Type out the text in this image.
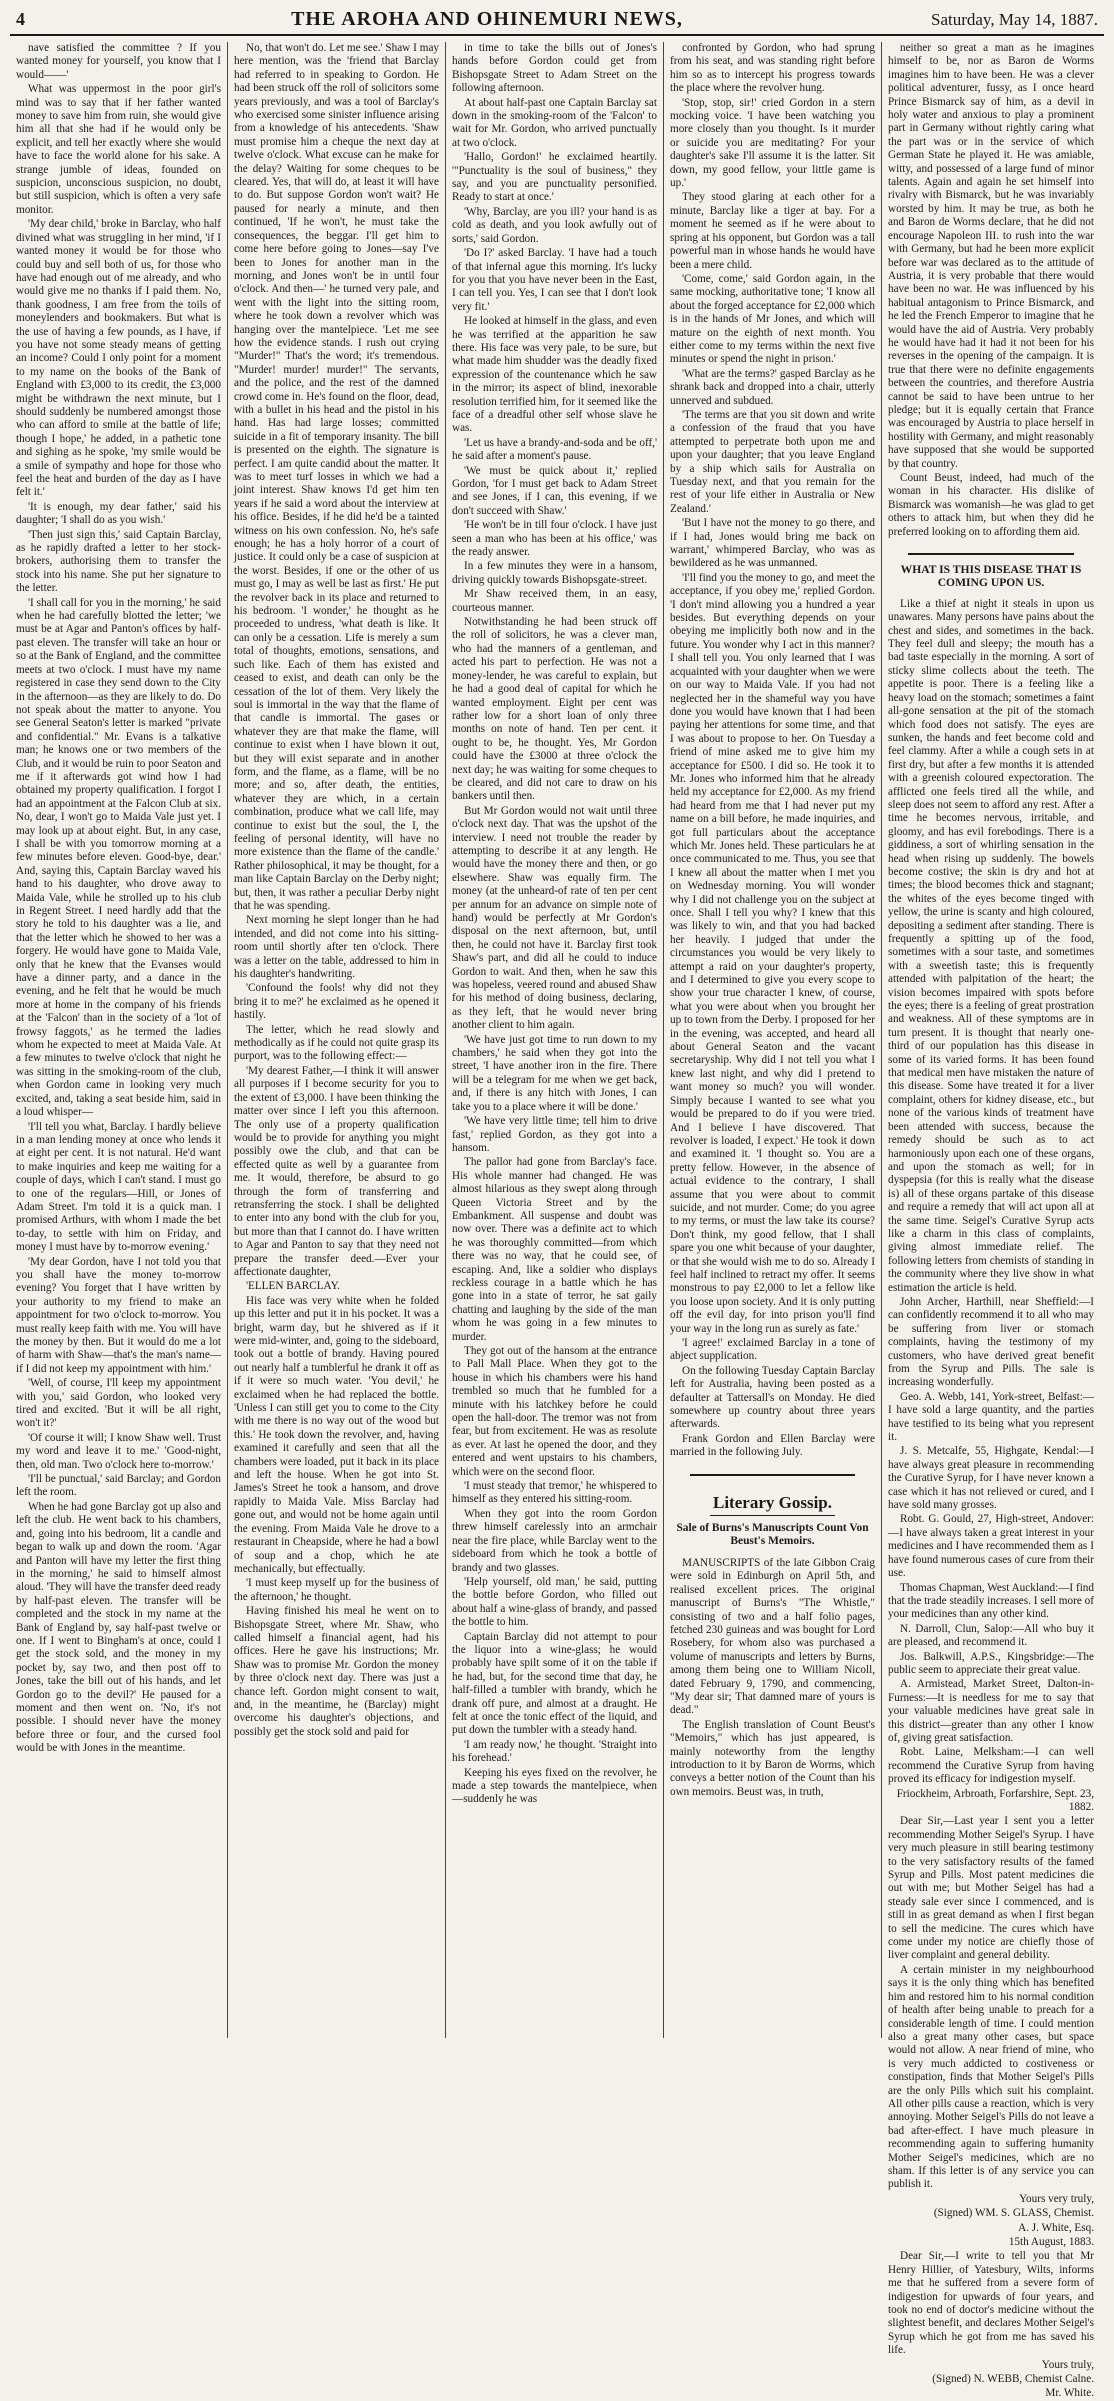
4	THE AROHA AND OHINEMURI NEWS,	Saturday, May 14, 1887.

nave satisfied the committee ? If you wanted money for yourself, you know that I would——'

What was uppermost in the poor girl's mind was to say that if her father wanted money to save him from ruin, she would give him all that she had if he would only be explicit, and tell her exactly where she would have to face the world alone for his sake. A strange jumble of ideas, founded on suspicion, unconscious suspicion, no doubt, but still suspicion, which is often a very safe monitor.

'My dear child,' broke in Barclay, who half divined what was struggling in her mind, 'if I wanted money it would be for those who could buy and sell both of us, for those who have had enough out of me already, and who would give me no thanks if I paid them. No, thank goodness, I am free from the toils of moneylenders and bookmakers. But what is the use of having a few pounds, as I have, if you have not some steady means of getting an income? Could I only point for a moment to my name on the books of the Bank of England with £3,000 to its credit, the £3,000 might be withdrawn the next minute, but I should suddenly be numbered amongst those who can afford to smile at the battle of life; though I hope,' he added, in a pathetic tone and sighing as he spoke, 'my smile would be a smile of sympathy and hope for those who feel the heat and burden of the day as I have felt it.'

'It is enough, my dear father,' said his daughter; 'I shall do as you wish.'

'Then just sign this,' said Captain Barclay, as he rapidly drafted a letter to her stock-brokers, authorising them to transfer the stock into his name. She put her signature to the letter.

'I shall call for you in the morning,' he said when he had carefully blotted the letter; 'we must be at Agar and Panton's offices by half-past eleven. The transfer will take an hour or so at the Bank of England, and the committee meets at two o'clock. I must have my name registered in case they send down to the City in the afternoon—as they are likely to do. Do not speak about the matter to anyone. You see General Seaton's letter is marked "private and confidential." Mr. Evans is a talkative man; he knows one or two members of the Club, and it would be ruin to poor Seaton and me if it afterwards got wind how I had obtained my property qualification. I forgot I had an appointment at the Falcon Club at six. No, dear, I won't go to Maida Vale just yet. I may look up at about eight. But, in any case, I shall be with you tomorrow morning at a few minutes before eleven. Good-bye, dear.' And, saying this, Captain Barclay waved his hand to his daughter, who drove away to Maida Vale, while he strolled up to his club in Regent Street. I need hardly add that the story he told to his daughter was a lie, and that the letter which he showed to her was a forgery. He would have gone to Maida Vale, only that he knew that the Evanses would have a dinner party, and a dance in the evening, and he felt that he would be much more at home in the company of his friends at the 'Falcon' than in the society of a 'lot of frowsy faggots,' as he termed the ladies whom he expected to meet at Maida Vale. At a few minutes to twelve o'clock that night he was sitting in the smoking-room of the club, when Gordon came in looking very much excited, and, taking a seat beside him, said in a loud whisper—

'I'll tell you what, Barclay. I hardly believe in a man lending money at once who lends it at eight per cent. It is not natural. He'd want to make inquiries and keep me waiting for a couple of days, which I can't stand. I must go to one of the regulars—Hill, or Jones of Adam Street. I'm told it is a quick man. I promised Arthurs, with whom I made the bet to-day, to settle with him on Friday, and money I must have by to-morrow evening.'

'My dear Gordon, have I not told you that you shall have the money to-morrow evening? You forget that I have written by your authority to my friend to make an appointment for two o'clock to-morrow. You must really keep faith with me. You will have the money by then. But it would do me a lot of harm with Shaw—that's the man's name—if I did not keep my appointment with him.'

'Well, of course, I'll keep my appointment with you,' said Gordon, who looked very tired and excited. 'But it will be all right, won't it?'

'Of course it will; I know Shaw well. Trust my word and leave it to me.' 'Good-night, then, old man. Two o'clock here to-morrow.'

'I'll be punctual,' said Barclay; and Gordon left the room.

When he had gone Barclay got up also and left the club. He went back to his chambers, and, going into his bedroom, lit a candle and began to walk up and down the room. 'Agar and Panton will have my letter the first thing in the morning,' he said to himself almost aloud. 'They will have the transfer deed ready by half-past eleven. The transfer will be completed and the stock in my name at the Bank of England by, say half-past twelve or one. If I went to Bingham's at once, could I get the stock sold, and the money in my pocket by, say two, and then post off to Jones, take the bill out of his hands, and let Gordon go to the devil?' He paused for a moment and then went on. 'No, it's not possible. I should never have the money before three or four, and the cursed fool would be with Jones in the meantime.

No, that won't do. Let me see.' Shaw I may here mention, was the 'friend that Barclay had referred to in speaking to Gordon. He had been struck off the roll of solicitors some years previously, and was a tool of Barclay's who exercised some sinister influence arising from a knowledge of his antecedents. 'Shaw must promise him a cheque the next day at twelve o'clock. What excuse can he make for the delay? Waiting for some cheques to be cleared. Yes, that will do, at least it will have to do. But suppose Gordon won't wait? He paused for nearly a minute, and then continued, 'If he won't, he must take the consequences, the beggar. I'll get him to come here before going to Jones—say I've been to Jones for another man in the morning, and Jones won't be in until four o'clock. And then—' he turned very pale, and went with the light into the sitting room, where he took down a revolver which was hanging over the mantelpiece. 'Let me see how the evidence stands. I rush out crying "Murder!" That's the word; it's tremendous. "Murder! murder! murder!" The servants, and the police, and the rest of the damned crowd come in. He's found on the floor, dead, with a bullet in his head and the pistol in his hand. Has had large losses; committed suicide in a fit of temporary insanity. The bill is presented on the eighth. The signature is perfect. I am quite candid about the matter. It was to meet turf losses in which we had a joint interest. Shaw knows I'd get him ten years if he said a word about the interview at his office. Besides, if he did he'd be a tainted witness on his own confession. No, he's safe enough; he has a holy horror of a court of justice. It could only be a case of suspicion at the worst. Besides, if one or the other of us must go, I may as well be last as first.' He put the revolver back in its place and returned to his bedroom. 'I wonder,' he thought as he proceeded to undress, 'what death is like. It can only be a cessation. Life is merely a sum total of thoughts, emotions, sensations, and such like. Each of them has existed and ceased to exist, and death can only be the cessation of the lot of them. Very likely the soul is immortal in the way that the flame of that candle is immortal. The gases or whatever they are that make the flame, will continue to exist when I have blown it out, but they will exist separate and in another form, and the flame, as a flame, will be no more; and so, after death, the entities, whatever they are which, in a certain combination, produce what we call life, may continue to exist but the soul, the I, the feeling of personal identity, will have no more existence than the flame of the candle.' Rather philosophical, it may be thought, for a man like Captain Barclay on the Derby night; but, then, it was rather a peculiar Derby night that he was spending.

Next morning he slept longer than he had intended, and did not come into his sitting-room until shortly after ten o'clock. There was a letter on the table, addressed to him in his daughter's handwriting.

'Confound the fools! why did not they bring it to me?' he exclaimed as he opened it hastily.

The letter, which he read slowly and methodically as if he could not quite grasp its purport, was to the following effect:—

'My dearest Father,—I think it will answer all purposes if I become security for you to the extent of £3,000. I have been thinking the matter over since I left you this afternoon. The only use of a property qualification would be to provide for anything you might possibly owe the club, and that can be effected quite as well by a guarantee from me. It would, therefore, be absurd to go through the form of transferring and retransferring the stock. I shall be delighted to enter into any bond with the club for you, but more than that I cannot do. I have written to Agar and Panton to say that they need not prepare the transfer deed.—Ever your affectionate daughter,

'ELLEN BARCLAY.

His face was very white when he folded up this letter and put it in his pocket. It was a bright, warm day, but he shivered as if it were mid-winter, and, going to the sideboard, took out a bottle of brandy. Having poured out nearly half a tumblerful he drank it off as if it were so much water. 'You devil,' he exclaimed when he had replaced the bottle. 'Unless I can still get you to come to the City with me there is no way out of the wood but this.' He took down the revolver, and, having examined it carefully and seen that all the chambers were loaded, put it back in its place and left the house. When he got into St. James's Street he took a hansom, and drove rapidly to Maida Vale. Miss Barclay had gone out, and would not be home again until the evening. From Maida Vale he drove to a restaurant in Cheapside, where he had a bowl of soup and a chop, which he ate mechanically, but effectually.

'I must keep myself up for the business of the afternoon,' he thought.

Having finished his meal he went on to Bishopsgate Street, where Mr. Shaw, who called himself a financial agent, had his offices. Here he gave his instructions; Mr. Shaw was to promise Mr. Gordon the money by three o'clock next day. There was just a chance left. Gordon might consent to wait, and, in the meantime, he (Barclay) might overcome his daughter's objections, and possibly get the stock sold and paid for

in time to take the bills out of Jones's hands before Gordon could get from Bishopsgate Street to Adam Street on the following afternoon.

At about half-past one Captain Barclay sat down in the smoking-room of the 'Falcon' to wait for Mr. Gordon, who arrived punctually at two o'clock.

'Hallo, Gordon!' he exclaimed heartily. '"Punctuality is the soul of business," they say, and you are punctuality personified. Ready to start at once.'

'Why, Barclay, are you ill? your hand is as cold as death, and you look awfully out of sorts,' said Gordon.

'Do I?' asked Barclay. 'I have had a touch of that infernal ague this morning. It's lucky for you that you have never been in the East, I can tell you. Yes, I can see that I don't look very fit.'

He looked at himself in the glass, and even he was terrified at the apparition he saw there. His face was very pale, to be sure, but what made him shudder was the deadly fixed expression of the countenance which he saw in the mirror; its aspect of blind, inexorable resolution terrified him, for it seemed like the face of a dreadful other self whose slave he was.

'Let us have a brandy-and-soda and be off,' he said after a moment's pause.

'We must be quick about it,' replied Gordon, 'for I must get back to Adam Street and see Jones, if I can, this evening, if we don't succeed with Shaw.'

'He won't be in till four o'clock. I have just seen a man who has been at his office,' was the ready answer.

In a few minutes they were in a hansom, driving quickly towards Bishopsgate-street.

Mr Shaw received them, in an easy, courteous manner.

Notwithstanding he had been struck off the roll of solicitors, he was a clever man, who had the manners of a gentleman, and acted his part to perfection. He was not a money-lender, he was careful to explain, but he had a good deal of capital for which he wanted employment. Eight per cent was rather low for a short loan of only three months on note of hand. Ten per cent. it ought to be, he thought. Yes, Mr Gordon could have the £3000 at three o'clock the next day; he was waiting for some cheques to be cleared, and did not care to draw on his bankers until then.

But Mr Gordon would not wait until three o'clock next day. That was the upshot of the interview. I need not trouble the reader by attempting to describe it at any length. He would have the money there and then, or go elsewhere. Shaw was equally firm. The money (at the unheard-of rate of ten per cent per annum for an advance on simple note of hand) would be perfectly at Mr Gordon's disposal on the next afternoon, but, until then, he could not have it. Barclay first took Shaw's part, and did all he could to induce Gordon to wait. And then, when he saw this was hopeless, veered round and abused Shaw for his method of doing business, declaring, as they left, that he would never bring another client to him again.

'We have just got time to run down to my chambers,' he said when they got into the street, 'I have another iron in the fire. There will be a telegram for me when we get back, and, if there is any hitch with Jones, I can take you to a place where it will be done.'

'We have very little time; tell him to drive fast,' replied Gordon, as they got into a hansom.

The pallor had gone from Barclay's face. His whole manner had changed. He was almost hilarious as they swept along through Queen Victoria Street and by the Embankment. All suspense and doubt was now over. There was a definite act to which he was thoroughly committed—from which there was no way, that he could see, of escaping. And, like a soldier who displays reckless courage in a battle which he has gone into in a state of terror, he sat gaily chatting and laughing by the side of the man whom he was going in a few minutes to murder.

They got out of the hansom at the entrance to Pall Mall Place. When they got to the house in which his chambers were his hand trembled so much that he fumbled for a minute with his latchkey before he could open the hall-door. The tremor was not from fear, but from excitement. He was as resolute as ever. At last he opened the door, and they entered and went upstairs to his chambers, which were on the second floor.

'I must steady that tremor,' he whispered to himself as they entered his sitting-room.

When they got into the room Gordon threw himself carelessly into an armchair near the fire place, while Barclay went to the sideboard from which he took a bottle of brandy and two glasses.

'Help yourself, old man,' he said, putting the bottle before Gordon, who filled out about half a wine-glass of brandy, and passed the bottle to him.

Captain Barclay did not attempt to pour the liquor into a wine-glass; he would probably have spilt some of it on the table if he had, but, for the second time that day, he half-filled a tumbler with brandy, which he drank off pure, and almost at a draught. He felt at once the tonic effect of the liquid, and put down the tumbler with a steady hand.

'I am ready now,' he thought. 'Straight into his forehead.'

Keeping his eyes fixed on the revolver, he made a step towards the mantelpiece, when—suddenly he was

confronted by Gordon, who had sprung from his seat, and was standing right before him so as to intercept his progress towards the place where the revolver hung.

'Stop, stop, sir!' cried Gordon in a stern mocking voice. 'I have been watching you more closely than you thought. Is it murder or suicide you are meditating? For your daughter's sake I'll assume it is the latter. Sit down, my good fellow, your little game is up.'

They stood glaring at each other for a minute, Barclay like a tiger at bay. For a moment he seemed as if he were about to spring at his opponent, but Gordon was a tall powerful man in whose hands he would have been a mere child.

'Come, come,' said Gordon again, in the same mocking, authoritative tone; 'I know all about the forged acceptance for £2,000 which is in the hands of Mr Jones, and which will mature on the eighth of next month. You either come to my terms within the next five minutes or spend the night in prison.'

'What are the terms?' gasped Barclay as he shrank back and dropped into a chair, utterly unnerved and subdued.

'The terms are that you sit down and write a confession of the fraud that you have attempted to perpetrate both upon me and upon your daughter; that you leave England by a ship which sails for Australia on Tuesday next, and that you remain for the rest of your life either in Australia or New Zealand.'

'But I have not the money to go there, and if I had, Jones would bring me back on warrant,' whimpered Barclay, who was as bewildered as he was unmanned.

'I'll find you the money to go, and meet the acceptance, if you obey me,' replied Gordon. 'I don't mind allowing you a hundred a year besides. But everything depends on your obeying me implicitly both now and in the future. You wonder why I act in this manner? I shall tell you. You only learned that I was acquainted with your daughter when we were on our way to Maida Vale. If you had not neglected her in the shameful way you have done you would have known that I had been paying her attentions for some time, and that I was about to propose to her. On Tuesday a friend of mine asked me to give him my acceptance for £500. I did so. He took it to Mr. Jones who informed him that he already held my acceptance for £2,000. As my friend had heard from me that I had never put my name on a bill before, he made inquiries, and got full particulars about the acceptance which Mr. Jones held. These particulars he at once communicated to me. Thus, you see that I knew all about the matter when I met you on Wednesday morning. You will wonder why I did not challenge you on the subject at once. Shall I tell you why? I knew that this was likely to win, and that you had backed her heavily. I judged that under the circumstances you would be very likely to attempt a raid on your daughter's property, and I determined to give you every scope to show your true character I knew, of course, what you were about when you brought her up to town from the Derby. I proposed for her in the evening, was accepted, and heard all about General Seaton and the vacant secretaryship. Why did I not tell you what I knew last night, and why did I pretend to want money so much? you will wonder. Simply because I wanted to see what you would be prepared to do if you were tried. And I believe I have discovered. That revolver is loaded, I expect.' He took it down and examined it. 'I thought so. You are a pretty fellow. However, in the absence of actual evidence to the contrary, I shall assume that you were about to commit suicide, and not murder. Come; do you agree to my terms, or must the law take its course? Don't think, my good fellow, that I shall spare you one whit because of your daughter, or that she would wish me to do so. Already I feel half inclined to retract my offer. It seems monstrous to pay £2,000 to let a fellow like you loose upon society. And it is only putting off the evil day, for into prison you'll find your way in the long run as surely as fate.'

'I agree!' exclaimed Barclay in a tone of abject supplication.

On the following Tuesday Captain Barclay left for Australia, having been posted as a defaulter at Tattersall's on Monday. He died somewhere up country about three years afterwards.

Frank Gordon and Ellen Barclay were married in the following July.

Literary Gossip.
Sale of Burns's Manuscripts Count Von Beust's Memoirs.

MANUSCRIPTS of the late Gibbon Craig were sold in Edinburgh on April 5th, and realised excellent prices. The original manuscript of Burns's "The Whistle," consisting of two and a half folio pages, fetched 230 guineas and was bought for Lord Rosebery, for whom also was purchased a volume of manuscripts and letters by Burns, among them being one to William Nicoll, dated February 9, 1790, and commencing, "My dear sir; That damned mare of yours is dead."

The English translation of Count Beust's "Memoirs," which has just appeared, is mainly noteworthy from the lengthy introduction to it by Baron de Worms, which conveys a better notion of the Count than his own memoirs. Beust was, in truth,

neither so great a man as he imagines himself to be, nor as Baron de Worms imagines him to have been. He was a clever political adventurer, fussy, as I once heard Prince Bismarck say of him, as a devil in holy water and anxious to play a prominent part in Germany without rightly caring what the part was or in the service of which German State he played it. He was amiable, witty, and possessed of a large fund of minor talents. Again and again he set himself into rivalry with Bismarck, but he was invariably worsted by him. It may be true, as both he and Baron de Worms declare, that he did not encourage Napoleon III. to rush into the war with Germany, but had he been more explicit before war was declared as to the attitude of Austria, it is very probable that there would have been no war. He was influenced by his habitual antagonism to Prince Bismarck, and he led the French Emperor to imagine that he would have the aid of Austria. Very probably he would have had it had it not been for his reverses in the opening of the campaign. It is true that there were no definite engagements between the countries, and therefore Austria cannot be said to have been untrue to her pledge; but it is equally certain that France was encouraged by Austria to place herself in hostility with Germany, and might reasonably have supposed that she would be supported by that country.

Count Beust, indeed, had much of the woman in his character. His dislike of Bismarck was womanish—he was glad to get others to attack him, but when they did he preferred looking on to affording them aid.

WHAT IS THIS DISEASE THAT IS COMING UPON US.

Like a thief at night it steals in upon us unawares. Many persons have pains about the chest and sides, and sometimes in the back. They feel dull and sleepy; the mouth has a bad taste especially in the morning. A sort of sticky slime collects about the teeth. The appetite is poor. There is a feeling like a heavy load on the stomach; sometimes a faint all-gone sensation at the pit of the stomach which food does not satisfy. The eyes are sunken, the hands and feet become cold and feel clammy. After a while a cough sets in at first dry, but after a few months it is attended with a greenish coloured expectoration. The afflicted one feels tired all the while, and sleep does not seem to afford any rest. After a time he becomes nervous, irritable, and gloomy, and has evil forebodings. There is a giddiness, a sort of whirling sensation in the head when rising up suddenly. The bowels become costive; the skin is dry and hot at times; the blood becomes thick and stagnant; the whites of the eyes become tinged with yellow, the urine is scanty and high coloured, depositing a sediment after standing. There is frequently a spitting up of the food, sometimes with a sour taste, and sometimes with a sweetish taste; this is frequently attended with palpitation of the heart; the vision becomes impaired with spots before the eyes; there is a feeling of great prostration and weakness. All of these symptoms are in turn present. It is thought that nearly one-third of our population has this disease in some of its varied forms. It has been found that medical men have mistaken the nature of this disease. Some have treated it for a liver complaint, others for kidney disease, etc., but none of the various kinds of treatment have been attended with success, because the remedy should be such as to act harmoniously upon each one of these organs, and upon the stomach as well; for in dyspepsia (for this is really what the disease is) all of these organs partake of this disease and require a remedy that will act upon all at the same time. Seigel's Curative Syrup acts like a charm in this class of complaints, giving almost immediate relief. The following letters from chemists of standing in the community where they live show in what estimation the article is held.

John Archer, Harthill, near Sheffield:—I can confidently recommend it to all who may be suffering from liver or stomach complaints, having the testimony of my customers, who have derived great benefit from the Syrup and Pills. The sale is increasing wonderfully.

Geo. A. Webb, 141, York-street, Belfast:—I have sold a large quantity, and the parties have testified to its being what you represent it.

J. S. Metcalfe, 55, Highgate, Kendal:—I have always great pleasure in recommending the Curative Syrup, for I have never known a case which it has not relieved or cured, and I have sold many grosses.

Robt. G. Gould, 27, High-street, Andover:—I have always taken a great interest in your medicines and I have recommended them as I have found numerous cases of cure from their use.

Thomas Chapman, West Auckland:—I find that the trade steadily increases. I sell more of your medicines than any other kind.

N. Darroll, Clun, Salop:—All who buy it are pleased, and recommend it.

Jos. Balkwill, A.P.S., Kingsbridge:—The public seem to appreciate their great value.

A. Armistead, Market Street, Dalton-in-Furness:—It is needless for me to say that your valuable medicines have great sale in this district—greater than any other I know of, giving great satisfaction.

Robt. Laine, Melksham:—I can well recommend the Curative Syrup from having proved its efficacy for indigestion myself.

Friockheim, Arbroath, Forfarshire, Sept. 23, 1882.

Dear Sir,—Last year I sent you a letter recommending Mother Seigel's Syrup. I have very much pleasure in still bearing testimony to the very satisfactory results of the famed Syrup and Pills. Most patent medicines die out with me; but Mother Seigel has had a steady sale ever since I commenced, and is still in as great demand as when I first began to sell the medicine. The cures which have come under my notice are chiefly those of liver complaint and general debility.

A certain minister in my neighbourhood says it is the only thing which has benefited him and restored him to his normal condition of health after being unable to preach for a considerable length of time. I could mention also a great many other cases, but space would not allow. A near friend of mine, who is very much addicted to costiveness or constipation, finds that Mother Seigel's Pills are the only Pills which suit his complaint. All other pills cause a reaction, which is very annoying. Mother Seigel's Pills do not leave a bad after-effect. I have much pleasure in recommending again to suffering humanity Mother Seigel's medicines, which are no sham. If this letter is of any service you can publish it.

Yours very truly,

(Signed) WM. S. GLASS, Chemist.

A. J. White, Esq.

15th August, 1883.

Dear Sir,—I write to tell you that Mr Henry Hillier, of Yatesbury, Wilts, informs me that he suffered from a severe form of indigestion for upwards of four years, and took no end of doctor's medicine without the slightest benefit, and declares Mother Seigel's Syrup which he got from me has saved his life.

Yours truly,

(Signed) N. WEBB, Chemist Calne.

Mr. White.
